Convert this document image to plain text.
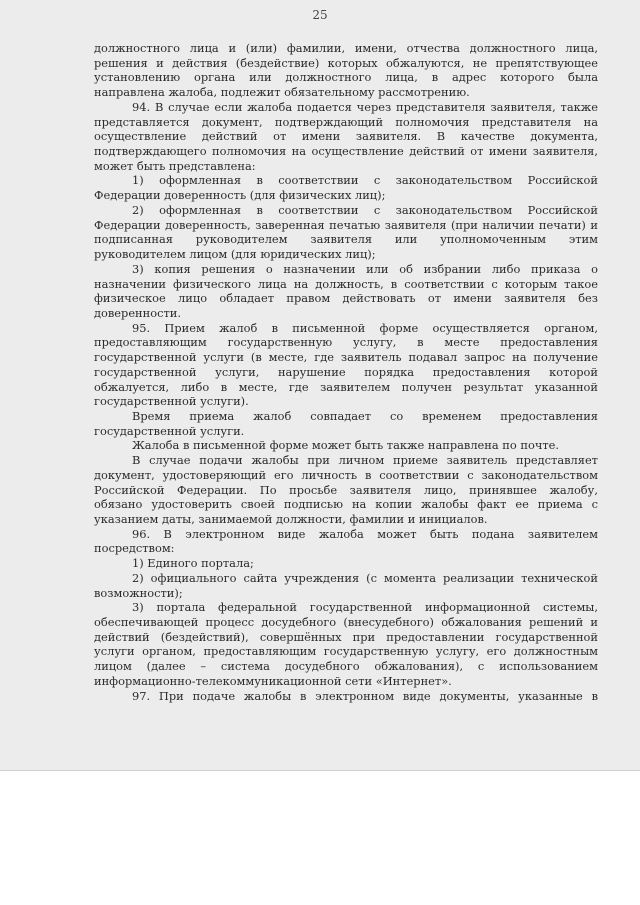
25
должностного лица и (или) фамилии, имени, отчества должностного лица,
решения и действия (бездействие) которых обжалуются, не препятствующее
установлению органа или должностного лица, в адрес которого была
направлена жалоба, подлежит обязательному рассмотрению.
94. В случае если жалоба подается через представителя заявителя, также
представляется документ, подтверждающий полномочия представителя на
осуществление действий от имени заявителя. В качестве документа,
подтверждающего полномочия на осуществление действий от имени заявителя,
может быть представлена:
1) оформленная в соответствии с законодательством Российской
Федерации доверенность (для физических лиц);
2) оформленная в соответствии с законодательством Российской
Федерации доверенность, заверенная печатью заявителя (при наличии печати) и
подписанная руководителем заявителя или уполномоченным этим
руководителем лицом (для юридических лиц);
3) копия решения о назначении или об избрании либо приказа о
назначении физического лица на должность, в соответствии с которым такое
физическое лицо обладает правом действовать от имени заявителя без
доверенности.
95. Прием жалоб в письменной форме осуществляется органом,
предоставляющим государственную услугу, в месте предоставления
государственной услуги (в месте, где заявитель подавал запрос на получение
государственной услуги, нарушение порядка предоставления которой
обжалуется, либо в месте, где заявителем получен результат указанной
государственной услуги).
Время приема жалоб совпадает со временем предоставления
государственной услуги.
Жалоба в письменной форме может быть также направлена по почте.
В случае подачи жалобы при личном приеме заявитель представляет
документ, удостоверяющий его личность в соответствии с законодательством
Российской Федерации. По просьбе заявителя лицо, принявшее жалобу,
обязано удостоверить своей подписью на копии жалобы факт ее приема с
указанием даты, занимаемой должности, фамилии и инициалов.
96. В электронном виде жалоба может быть подана заявителем
посредством:
1) Единого портала;
2) официального сайта учреждения (с момента реализации технической
возможности);
3) портала федеральной государственной информационной системы,
обеспечивающей процесс досудебного (внесудебного) обжалования решений и
действий (бездействий), совершённых при предоставлении государственной
услуги органом, предоставляющим государственную услугу, его должностным
лицом (далее – система досудебного обжалования), с использованием
информационно-телекоммуникационной сети «Интернет».
97. При подаче жалобы в электронном виде документы, указанные в
